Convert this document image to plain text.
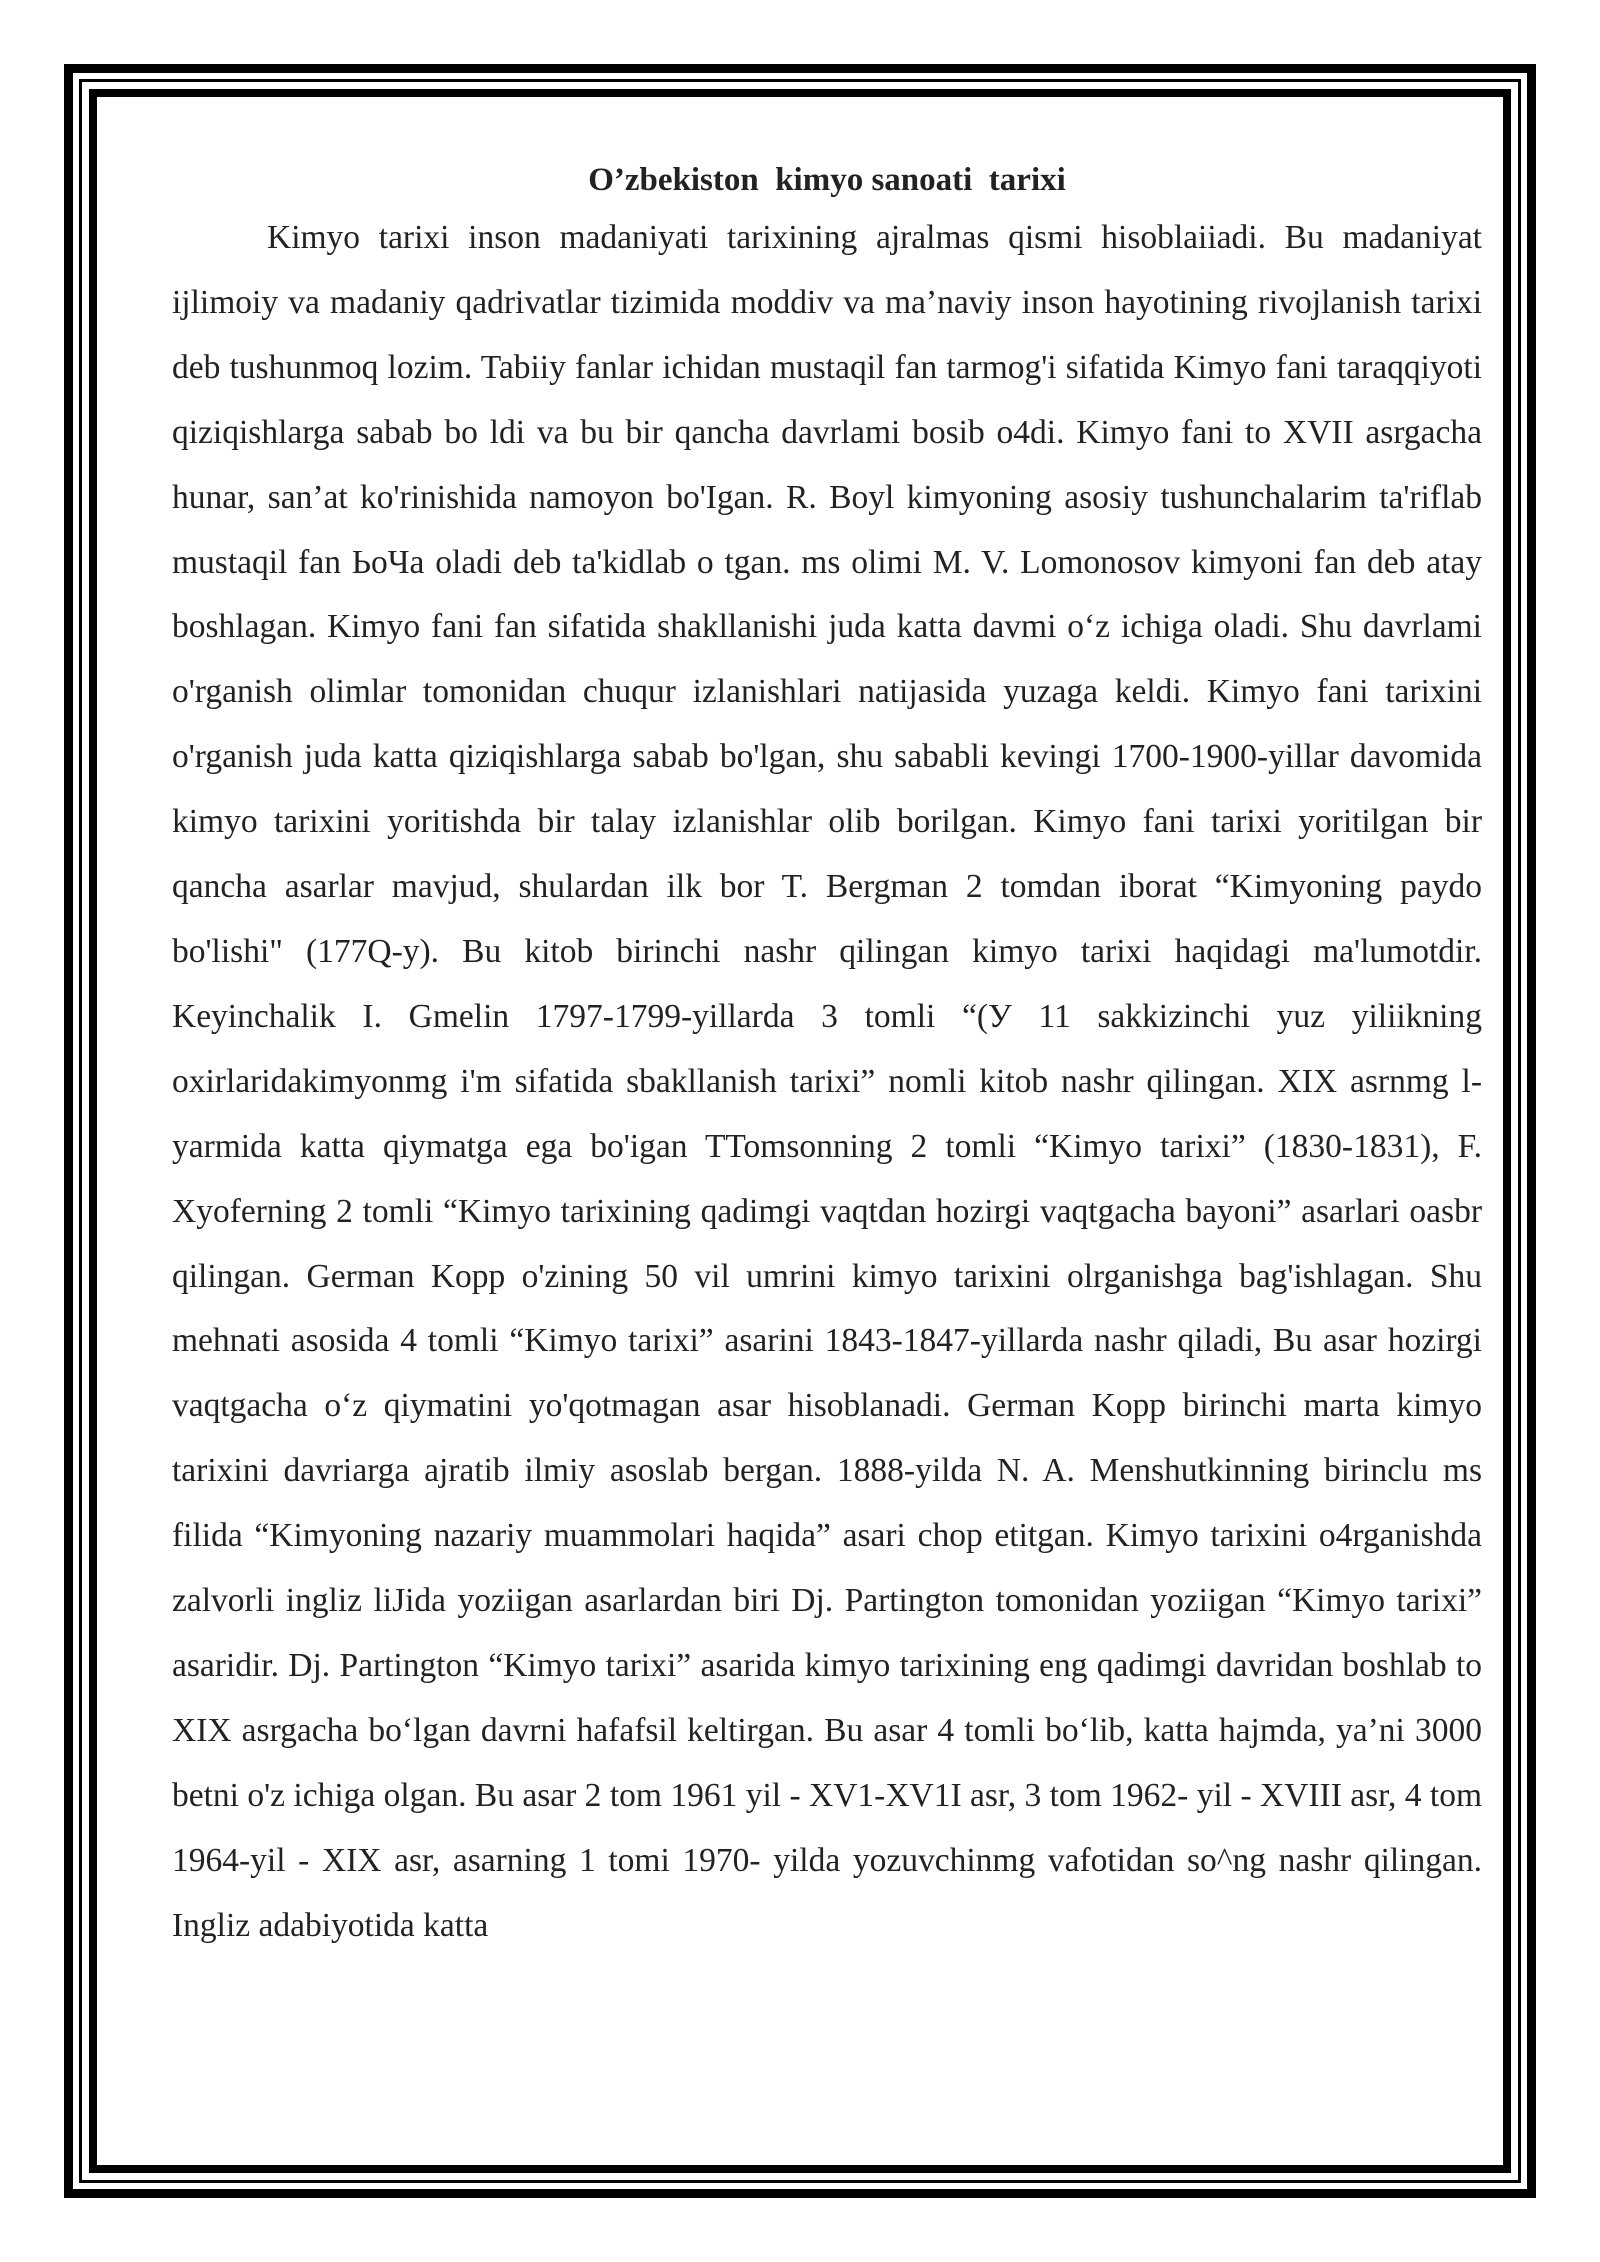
O’zbekiston  kimyo sanoati  tarixi

Kimyo tarixi inson madaniyati tarixining ajralmas qismi hisoblaiiadi. Bu madaniyat ijlimoiy va madaniy qadrivatlar tizimida moddiv va ma’naviy inson hayotining rivojlanish tarixi deb tushunmoq lozim. Tabiiy fanlar ichidan mustaqil fan tarmog'i sifatida Kimyo fani taraqqiyoti qiziqishlarga sabab bo ldi va bu bir qancha davrlami bosib o4di. Kimyo fani to XVII asrgacha hunar, san’at ko'rinishida namoyon bo'Igan. R. Boyl kimyoning asosiy tushunchalarim ta'riflab mustaqil fan ЬоЧа oladi deb ta'kidlab o tgan. ms olimi M. V. Lomonosov kimyoni fan deb atay boshlagan. Kimyo fani fan sifatida shakllanishi juda katta davmi o‘z ichiga oladi. Shu davrlami o'rganish olimlar tomonidan chuqur izlanishlari natijasida yuzaga keldi. Kimyo fani tarixini o'rganish juda katta qiziqishlarga sabab bo'lgan, shu sababli kevingi 1700-1900-yillar davomida kimyo tarixini yoritishda bir talay izlanishlar olib borilgan. Kimyo fani tarixi yoritilgan bir qancha asarlar mavjud, shulardan ilk bor T. Bergman 2 tomdan iborat “Kimyoning paydo bo'lishi" (177Q-y). Bu kitob birinchi nashr qilingan kimyo tarixi haqidagi ma'lumotdir. Keyinchalik I. Gmelin 1797-1799-yillarda 3 tomli “(У 11 sakkizinchi yuz yiliikning oxirlaridakimyonmg i'm sifatida sbakllanish tarixi” nomli kitob nashr qilingan. XIX asrnmg l-yarmida katta qiymatga ega bo'igan TTomsonning 2 tomli “Kimyo tarixi” (1830-1831), F. Xyoferning 2 tomli “Kimyo tarixining qadimgi vaqtdan hozirgi vaqtgacha bayoni” asarlari oasbr qilingan. German Kopp o'zining 50 vil umrini kimyo tarixini olrganishga bag'ishlagan. Shu mehnati asosida 4 tomli “Kimyo tarixi” asarini 1843-1847-yillarda nashr qiladi, Bu asar hozirgi vaqtgacha o‘z qiymatini yo'qotmagan asar hisoblanadi. German Kopp birinchi marta kimyo tarixini davriarga ajratib ilmiy asoslab bergan. 1888-yilda N. A. Menshutkinning birinclu ms filida “Kimyoning nazariy muammolari haqida” asari chop etitgan. Kimyo tarixini o4rganishda zalvorli ingliz liJida yoziigan asarlardan biri Dj. Partington tomonidan yoziigan “Kimyo tarixi” asaridir. Dj. Partington “Kimyo tarixi” asarida kimyo tarixining eng qadimgi davridan boshlab to XIX asrgacha bo‘lgan davrni hafafsil keltirgan. Bu asar 4 tomli bo‘lib, katta hajmda, ya’ni 3000 betni o'z ichiga olgan. Bu asar 2 tom 1961 yil - XV1-XV1I asr, 3 tom 1962- yil - XVIII asr, 4 tom 1964-yil - XIX asr, asarning 1 tomi 1970- yilda yozuvchinmg vafotidan so^ng nashr qilingan. Ingliz adabiyotida katta
